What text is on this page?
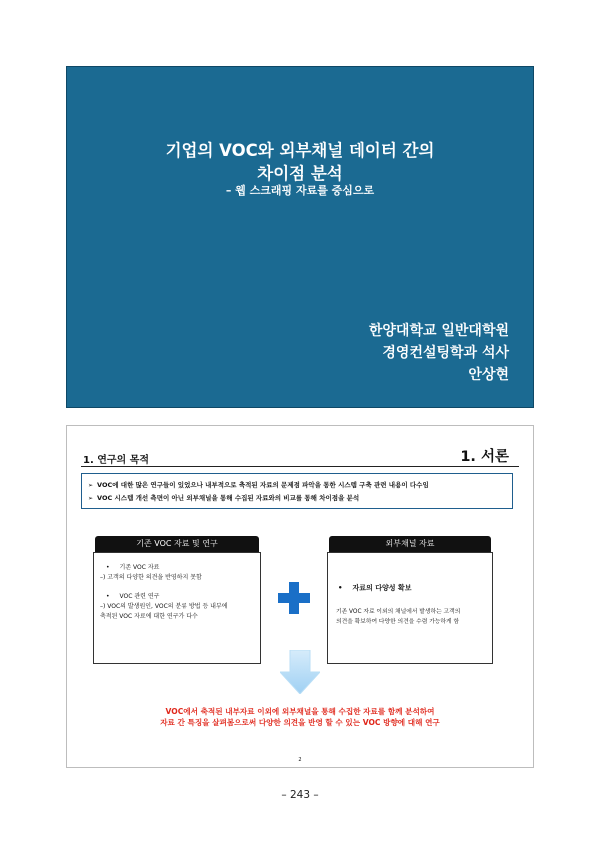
기업의 VOC와 외부채널 데이터 간의
차이점 분석
– 웹 스크래핑 자료를 중심으로
한양대학교 일반대학원
경영컨설팅학과 석사
안상현
1. 연구의 목적	1. 서론
➢ VOC에 대한 많은 연구들이 있었으나 내부적으로 축적된 자료의 문제점 파악을 통한 시스템 구축 관련 내용이 다수임
➢ VOC 시스템 개선 측면이 아닌 외부채널을 통해 수집된 자료와의 비교를 통해 차이점을 분석
기존 VOC 자료 및 연구
• 기존 VOC 자료
–) 고객의 다양한 의견을 반영하지 못함
• VOC 관련 연구
–) VOC의 발생원인, VOC의 분류 방법 등 내부에
축적된 VOC 자료에 대한 연구가 다수
외부채널 자료
• 자료의 다양성 확보
기존 VOC 자료 이외의 채널에서 발생하는 고객의
의견을 확보하여 다양한 의견을 수렴 가능하게 함
VOC에서 축적된 내부자료 이외에 외부채널을 통해 수집한 자료를 함께 분석하여
자료 간 특징을 살펴봄으로써 다양한 의견을 반영 할 수 있는 VOC 방향에 대해 연구
2
– 243 –
